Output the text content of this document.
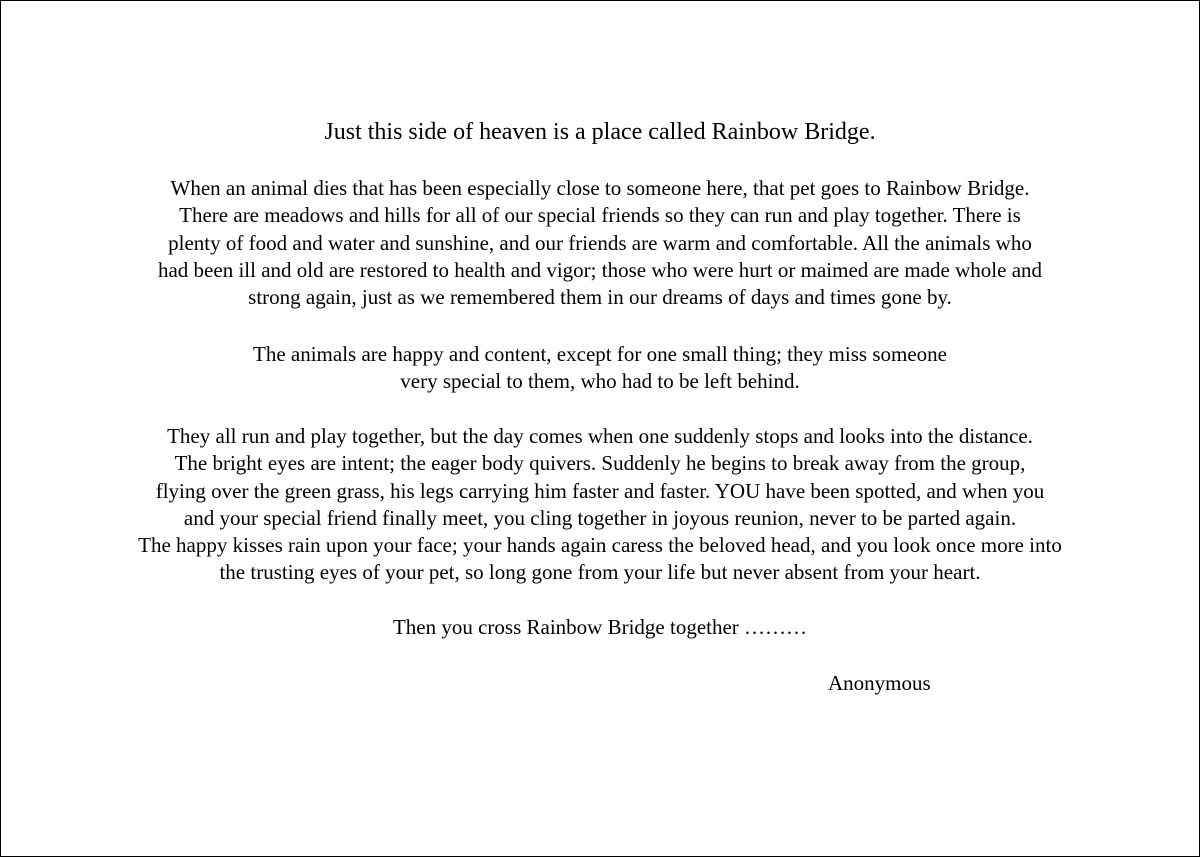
Just this side of heaven is a place called Rainbow Bridge.

When an animal dies that has been especially close to someone here, that pet goes to Rainbow Bridge.
There are meadows and hills for all of our special friends so they can run and play together. There is
plenty of food and water and sunshine, and our friends are warm and comfortable. All the animals who
had been ill and old are restored to health and vigor; those who were hurt or maimed are made whole and
strong again, just as we remembered them in our dreams of days and times gone by.

The animals are happy and content, except for one small thing; they miss someone
very special to them, who had to be left behind.

They all run and play together, but the day comes when one suddenly stops and looks into the distance.
The bright eyes are intent; the eager body quivers. Suddenly he begins to break away from the group,
flying over the green grass, his legs carrying him faster and faster. YOU have been spotted, and when you
and your special friend finally meet, you cling together in joyous reunion, never to be parted again.
The happy kisses rain upon your face; your hands again caress the beloved head, and you look once more into
the trusting eyes of your pet, so long gone from your life but never absent from your heart.

Then you cross Rainbow Bridge together ………

Anonymous
